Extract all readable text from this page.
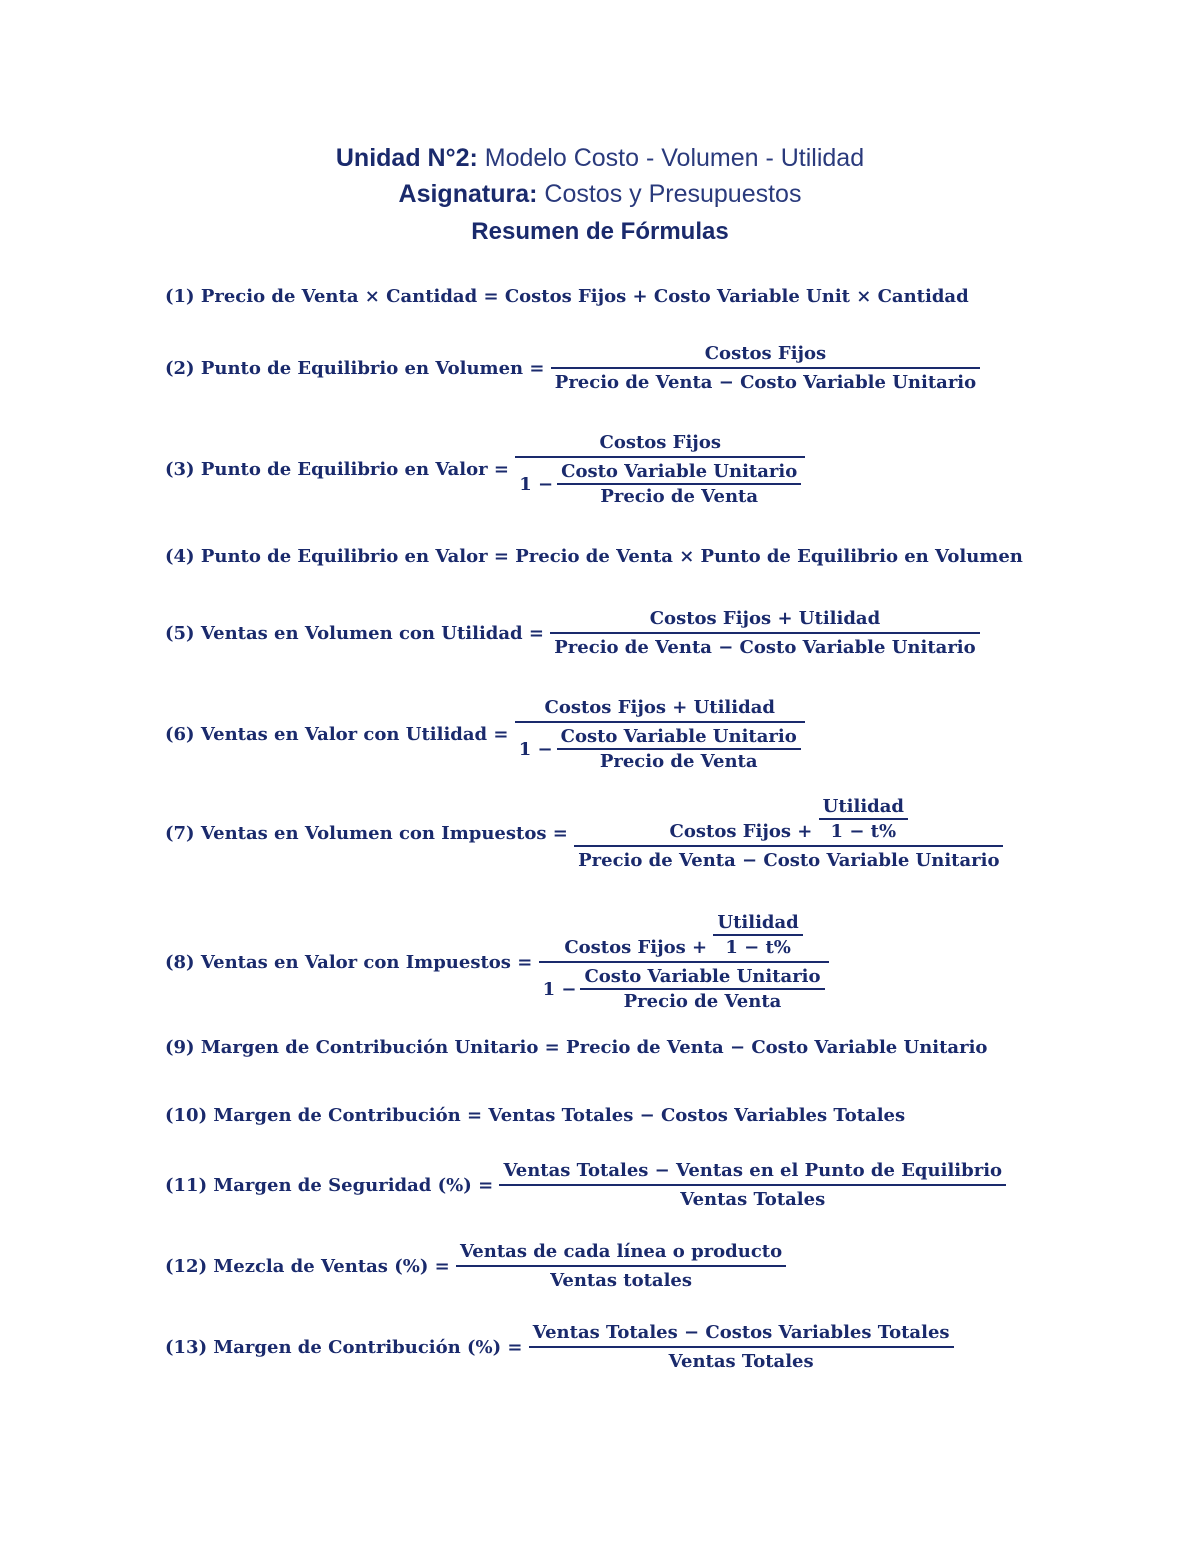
Unidad N°2: Modelo Costo - Volumen - Utilidad
Asignatura: Costos y Presupuestos
Resumen de Fórmulas
(1) Precio de Venta × Cantidad =
Costos Fijos + Costo Variable Unit × Cantidad
(2) Punto de Equilibrio en Volumen =
$\frac{\text{Costos Fijos}}{\text{Precio de Venta − Costo Variable Unitario}}$
(3) Punto de Equilibrio en Valor =

Costos Fijos
$1 - \frac{\text{Costo Variable Unitario}}{\text{Precio de Venta}}$
(4) Punto de Equilibrio en Valor =
Precio de Venta × Punto de Equilibrio en Volumen
(5) Ventas en Volumen con Utilidad =
$\frac{\text{Costos Fijos + Utilidad}}{\text{Precio de Venta − Costo Variable Unitario}}$
(6) Ventas en Valor con Utilidad =

Costos Fijos + Utilidad
$1 - \frac{\text{Costo Variable Unitario}}{\text{Precio de Venta}}$
(7) Ventas en Volumen con Impuestos =
	Costos Fijos +
$\frac{\text{Utilidad}}{1 - t\%}$
Precio de Venta − Costo Variable Unitario
(8) Ventas en Valor con Impuestos =

Costos Fijos +
$\frac{\text{Utilidad}}{1 - t\%}$
$1 - \frac{\text{Costo Variable Unitario}}{\text{Precio de Venta}}$
(9) Margen de Contribución Unitario =
Precio de Venta − Costo Variable Unitario
(10) Margen de Contribución =
Ventas Totales − Costos Variables Totales
(11) Margen de Seguridad (%) =
$\frac{\text{Ventas Totales − Ventas en el Punto de Equilibrio}}{\text{Ventas Totales}}$
(12) Mezcla de Ventas (%) =
$\frac{\text{Ventas de cada línea o producto}}{\text{Ventas totales}}$
(13) Margen de Contribución (%) =
$\frac{\text{Ventas Totales − Costos Variables Totales}}{\text{Ventas Totales}}$
